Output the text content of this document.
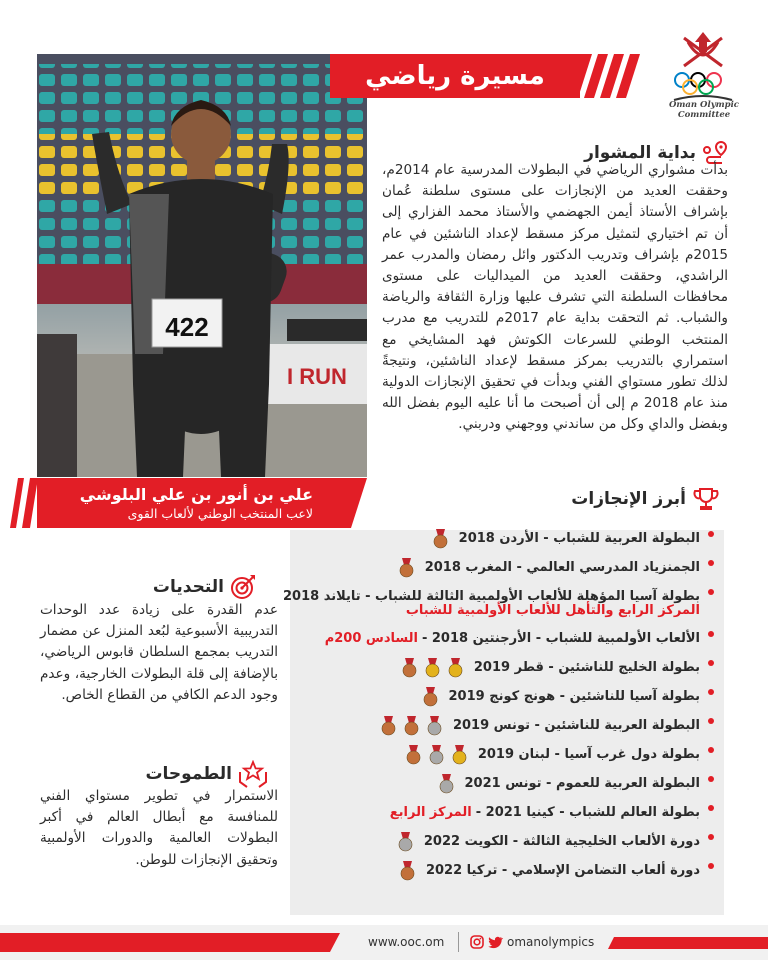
Oman Olympic Committee
I RUN
422
مسيرة رياضي
علي بن أنور بن علي البلوشي
لاعب المنتخب الوطني لألعاب القوى
بداية المشوار
بدأت مشواري الرياضي في البطولات المدرسية عام 2014م، وحققت العديد من الإنجازات على مستوى سلطنة عُمان بإشراف الأستاذ أيمن الجهضمي والأستاذ محمد الفزاري إلى أن تم اختياري لتمثيل مركز مسقط لإعداد الناشئين في عام 2015م بإشراف وتدريب الدكتور وائل رمضان والمدرب عمر الراشدي، وحققت العديد من الميداليات على مستوى محافظات السلطنة التي تشرف عليها وزارة الثقافة والرياضة والشباب. ثم التحقت بداية عام 2017م للتدريب مع مدرب المنتخب الوطني للسرعات الكوتش فهد المشايخي مع استمراري بالتدريب بمركز مسقط لإعداد الناشئين، ونتيجةً لذلك تطور مستواي الفني وبدأت في تحقيق الإنجازات الدولية منذ عام 2018 م إلى أن أصبحت ما أنا عليه اليوم بفضل الله وبفضل والداي وكل من ساندني ووجهني ودربني.
التحديات
عدم القدرة على زيادة عدد الوحدات التدريبية الأسبوعية لبُعد المنزل عن مضمار التدريب بمجمع السلطان قابوس الرياضي، بالإضافة إلى قلة البطولات الخارجية، وعدم وجود الدعم الكافي من القطاع الخاص.
الطموحات
الاستمرار في تطوير مستواي الفني للمنافسة مع أبطال العالم في أكبر البطولات العالمية والدورات الأولمبية وتحقيق الإنجازات للوطن.
أبرز الإنجازات
البطولة العربية للشباب - الأردن 2018
الجمنزياد المدرسي العالمي - المغرب 2018
بطولة آسيا المؤهلة للألعاب الأولمبية الثالثة للشباب - تايلاند 2018
المركز الرابع والتأهل للألعاب الأولمبية للشباب
الألعاب الأولمبية للشباب - الأرجنتين 2018 -
السادس 200م
بطولة الخليج للناشئين - قطر 2019
بطولة آسيا للناشئين - هونج كونج 2019
البطولة العربية للناشئين - تونس 2019
بطولة دول غرب آسيا - لبنان 2019
البطولة العربية للعموم - تونس 2021
بطولة العالم للشباب - كينيا 2021 -
المركز الرابع
دورة الألعاب الخليجية الثالثة - الكويت 2022
دورة ألعاب التضامن الإسلامي - تركيا 2022
www.ooc.om	omanolympics
